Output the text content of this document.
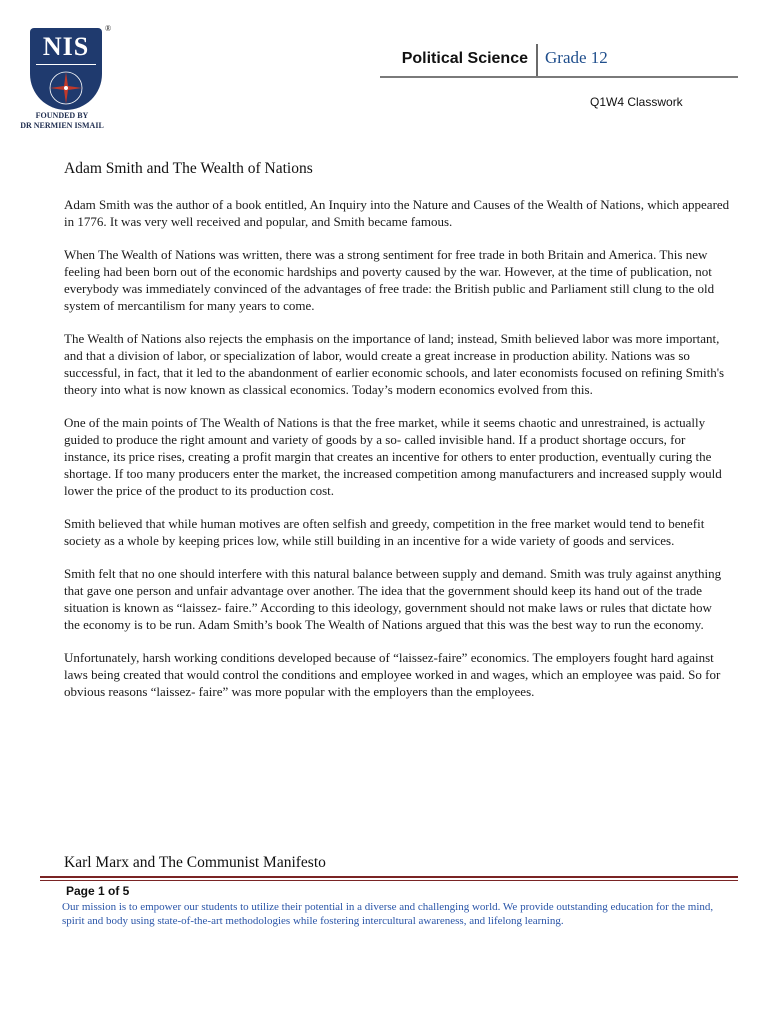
NIS
®
FOUNDED BY
DR NERMIEN ISMAIL
Political Science Grade 12
Q1W4 Classwork
Adam Smith and The Wealth of Nations

Adam Smith was the author of a book entitled, An Inquiry into the Nature and Causes of the Wealth of Nations, which appeared in 1776. It was very well received and popular, and Smith became famous.

When The Wealth of Nations was written, there was a strong sentiment for free trade in both Britain and America. This new feeling had been born out of the economic hardships and poverty caused by the war. However, at the time of publication, not everybody was immediately convinced of the advantages of free trade: the British public and Parliament still clung to the old system of mercantilism for many years to come.

The Wealth of Nations also rejects the emphasis on the importance of land; instead, Smith believed labor was more important, and that a division of labor, or specialization of labor, would create a great increase in production ability. Nations was so successful, in fact, that it led to the abandonment of earlier economic schools, and later economists focused on refining Smith's theory into what is now known as classical economics. Today’s modern economics evolved from this.

One of the main points of The Wealth of Nations is that the free market, while it seems chaotic and unrestrained, is actually guided to produce the right amount and variety of goods by a so- called invisible hand. If a product shortage occurs, for instance, its price rises, creating a profit margin that creates an incentive for others to enter production, eventually curing the shortage. If too many producers enter the market, the increased competition among manufacturers and increased supply would lower the price of the product to its production cost.

Smith believed that while human motives are often selfish and greedy, competition in the free market would tend to benefit society as a whole by keeping prices low, while still building in an incentive for a wide variety of goods and services.

Smith felt that no one should interfere with this natural balance between supply and demand. Smith was truly against anything that gave one person and unfair advantage over another. The idea that the government should keep its hand out of the trade situation is known as “laissez- faire.” According to this ideology, government should not make laws or rules that dictate how the economy is to be run. Adam Smith’s book The Wealth of Nations argued that this was the best way to run the economy.

Unfortunately, harsh working conditions developed because of “laissez-faire” economics. The employers fought hard against laws being created that would control the conditions and employee worked in and wages, which an employee was paid. So for obvious reasons “laissez- faire” was more popular with the employers than the employees.

Karl Marx and The Communist Manifesto
Page 1 of 5
Our mission is to empower our students to utilize their potential in a diverse and challenging world. We provide outstanding education for the mind, spirit and body using state-of-the-art methodologies while fostering intercultural awareness, and lifelong learning.
